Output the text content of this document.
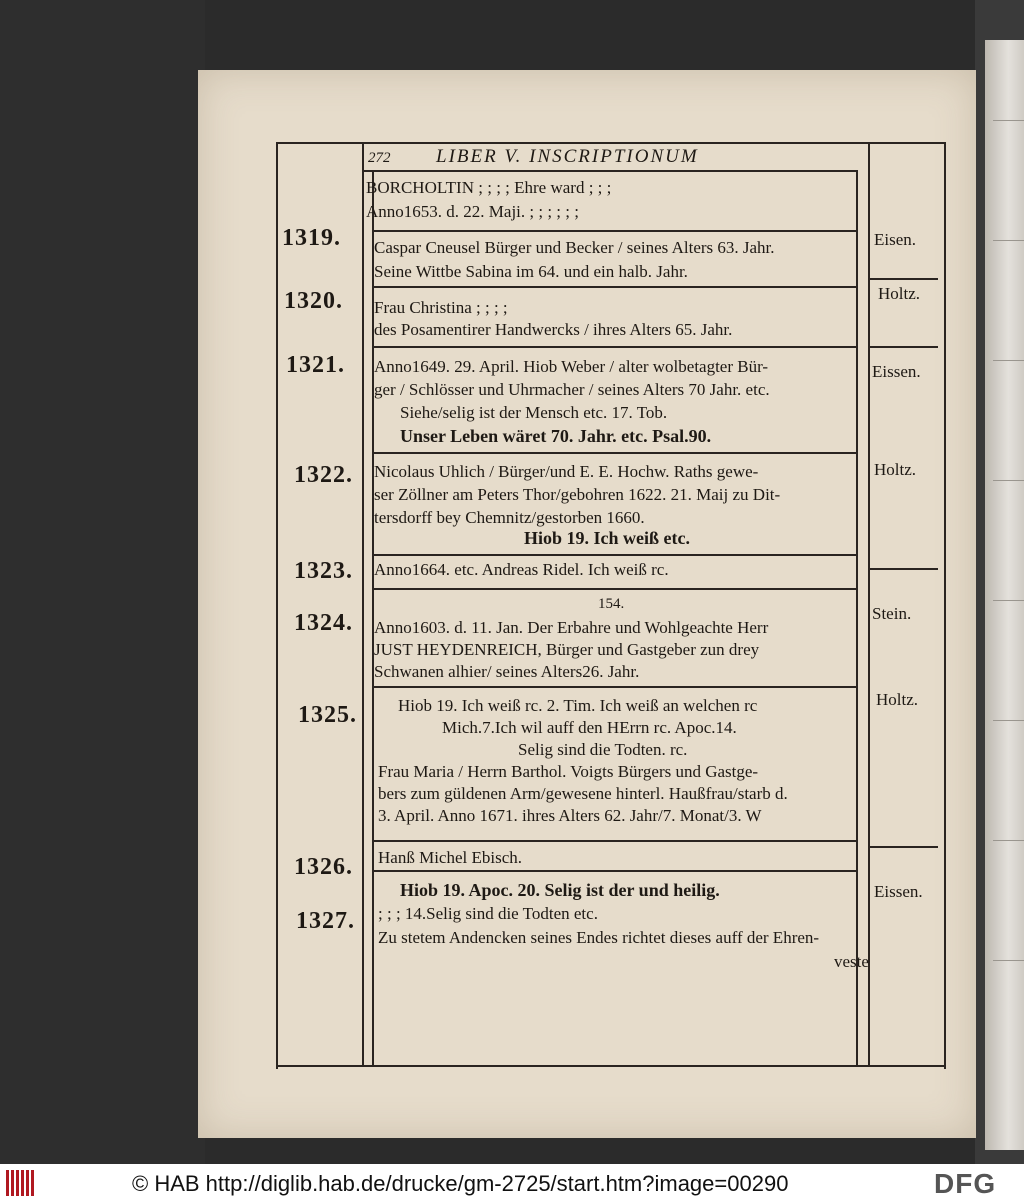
272 LIBER V. INSCRIPTIONUM
BORCHOLTIN ; ; ; ; Ehre ward ; ; ;
Anno1653. d. 22. Maji. ; ; ; ; ; ;
1319. Caspar Cneusel Bürger und Becker / seines Alters 63. Jahr.
Seine Wittbe Sabina im 64. und ein halb. Jahr.
Eisen.
1320. Frau Christina ; ; ; ;
des Posamentirer Handwercks / ihres Alters 65. Jahr.
Holtz.
1321. Anno1649. 29. April. Hiob Weber / alter wolbetagter Bür-
ger / Schlösser und Uhrmacher / seines Alters 70 Jahr. etc.
Siehe/selig ist der Mensch etc. 17. Tob.
Unser Leben wäret 70. Jahr. etc. Psal.90.
Eissen.
1322. Nicolaus Uhlich / Bürger/und E. E. Hochw. Raths gewe-
ser Zöllner am Peters Thor/gebohren 1622. 21. Maij zu Dit-
tersdorff bey Chemnitz/gestorben 1660.
Hiob 19. Ich weiß etc.
Holtz.
1323. Anno1664. etc. Andreas Ridel. Ich weiß rc.
1324.
154.
Anno1603. d. 11. Jan. Der Erbahre und Wohlgeachte Herr
JUST HEYDENREICH, Bürger und Gastgeber zun drey
Schwanen alhier/ seines Alters26. Jahr.
Stein.
1325. Hiob 19. Ich weiß rc. 2. Tim. Ich weiß an welchen rc
Mich.7.Ich wil auff den HErrn rc. Apoc.14.
Selig sind die Todten. rc.
Frau Maria / Herrn Barthol. Voigts Bürgers und Gastge-
bers zum güldenen Arm/gewesene hinterl. Haußfrau/starb d.
3. April. Anno 1671. ihres Alters 62. Jahr/7. Monat/3. W
Holtz.
1326. Hanß Michel Ebisch.
1327.
Hiob 19. Apoc. 20. Selig ist der und heilig.
; ; ; 14.Selig sind die Todten etc.
Zu stetem Andencken seines Endes richtet dieses auff der Ehren-
veste
Eissen.
© HAB http://diglib.hab.de/drucke/gm-2725/start.htm?image=00290	DFG
